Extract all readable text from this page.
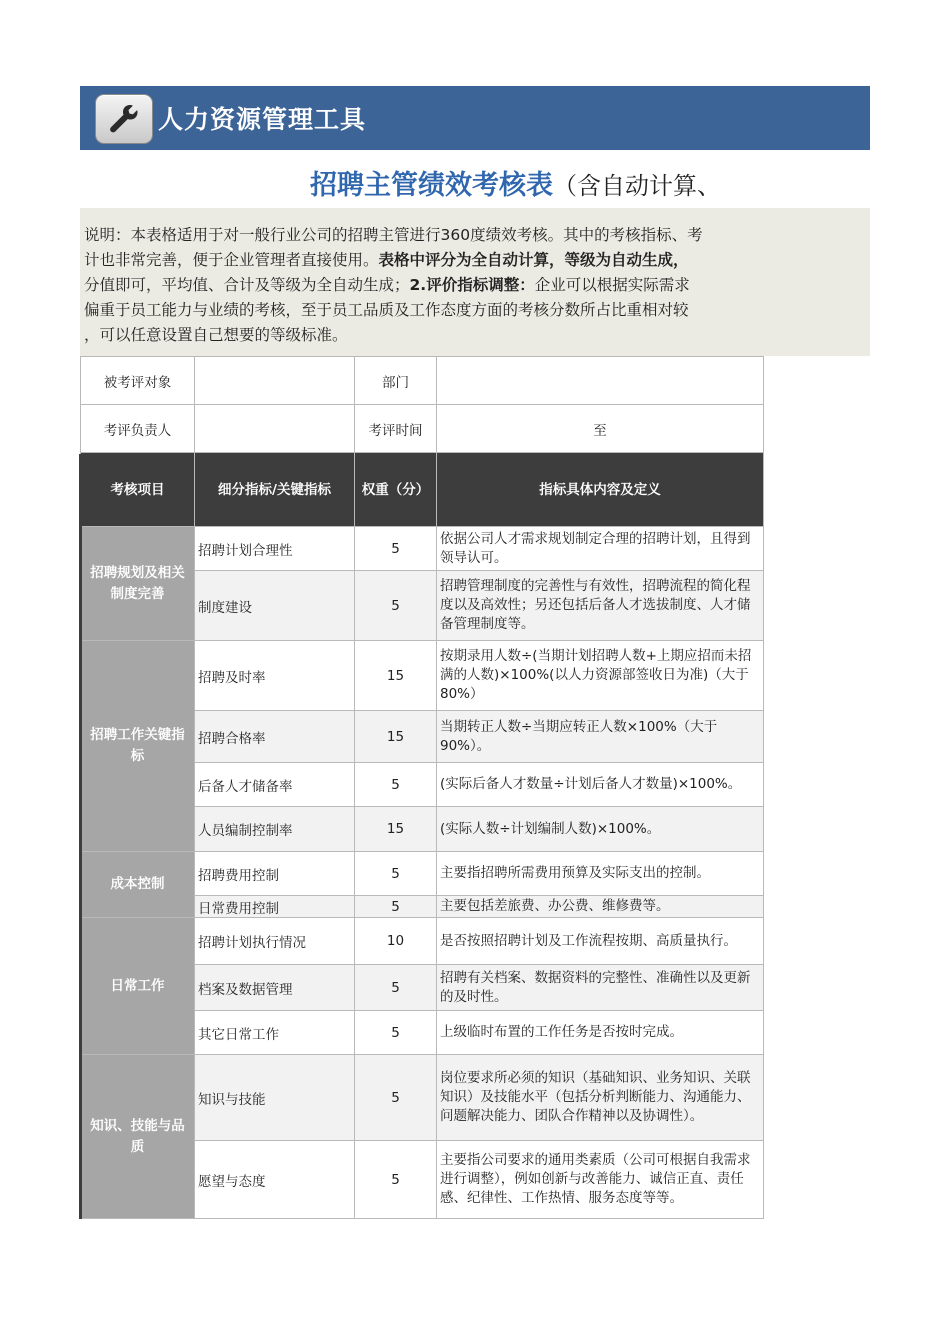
人力资源管理工具
招聘主管绩效考核表（含自动计算、
说明：本表格适用于对一般行业公司的招聘主管进行360度绩效考核。其中的考核指标、考
计也非常完善，便于企业管理者直接使用。表格中评分为全自动计算，等级为自动生成，
分值即可，平均值、合计及等级为全自动生成；2.评价指标调整：企业可以根据实际需求
偏重于员工能力与业绩的考核，至于员工品质及工作态度方面的考核分数所占比重相对较
，可以任意设置自己想要的等级标准。
被考评对象		部门	
考评负责人		考评时间	至
考核项目	细分指标/关键指标	权重（分）	指标具体内容及定义
招聘规划及相关制度完善	招聘计划合理性	5	依据公司人才需求规划制定合理的招聘计划，且得到领导认可。
	制度建设	5	招聘管理制度的完善性与有效性，招聘流程的简化程度以及高效性；另还包括后备人才选拔制度、人才储备管理制度等。
招聘工作关键指标	招聘及时率	15	按期录用人数÷(当期计划招聘人数+上期应招而未招满的人数)×100%(以人力资源部签收日为准)（大于80%）
	招聘合格率	15	当期转正人数÷当期应转正人数×100%（大于90%）。
	后备人才储备率	5	(实际后备人才数量÷计划后备人才数量)×100%。
	人员编制控制率	15	(实际人数÷计划编制人数)×100%。
成本控制	招聘费用控制	5	主要指招聘所需费用预算及实际支出的控制。
	日常费用控制	5	主要包括差旅费、办公费、维修费等。
日常工作	招聘计划执行情况	10	是否按照招聘计划及工作流程按期、高质量执行。
	档案及数据管理	5	招聘有关档案、数据资料的完整性、准确性以及更新的及时性。
	其它日常工作	5	上级临时布置的工作任务是否按时完成。
知识、技能与品质	知识与技能	5	岗位要求所必须的知识（基础知识、业务知识、关联知识）及技能水平（包括分析判断能力、沟通能力、问题解决能力、团队合作精神以及协调性）。
	愿望与态度	5	主要指公司要求的通用类素质（公司可根据自我需求进行调整），例如创新与改善能力、诚信正直、责任感、纪律性、工作热情、服务态度等等。
